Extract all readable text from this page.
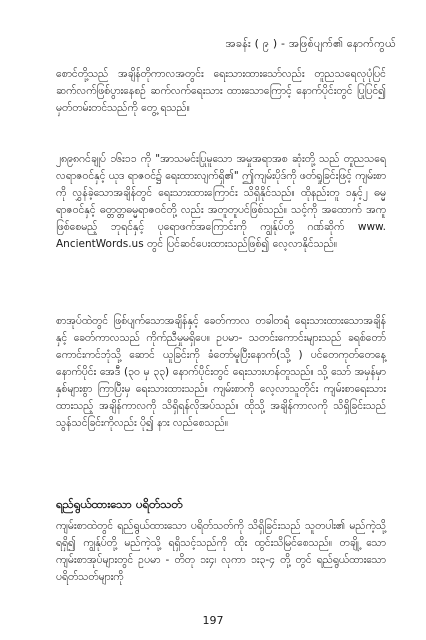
အခန်း ( ၉ ) - အဖြစ်ပျက်၏ နောက်ကွယ်

စောင်တို့သည် အချိန်တိုကာလအတွင်း ရေးသားထားသော်လည်း တူညသရေလုပုံပြင် ဆက်လက်ဖြစ်ပွားနေစဉ် ဆက်လက်ရေးသား ထားသောကြောင့် နောက်ပိုင်းတွင် ပြုပြင်၍ မှတ်တမ်းတင်သည်ကို တွေ့ ရသည်။

၂၈၉၈ဂင်ချုပ် ၁၆း၁၁ ကို "အာသမင်းပြုမူသော အမှုအရာအစ ဆုံးတို့ သည် တူညသရေလရာဇဝင်နှင့် ယုဒ ရာဇဝင်၌ ရေးထားလျက်ရှိ၏" ဤကျမ်းပိုဒ်ကို ဖတ်ရှုခြင်းဖြင့် ကျမ်းစာကို လွှန်ခဲ့သောအချိန်တွင် ရေးသားထားကြောင်း သိရှိနိုင်သည်။ ထိုနည်းတူ ၁နှင့်၂ ဓမ္မရာဇဝင်နှင့် ဓတ္တတ္တဓမ္မရာဇဝင်တို့ လည်း အတူတူပင်ဖြစ်သည်။ သင့်ကို အထောက် အကူဖြစ်စေမည့် ဘုရင်နှင့် ပုရောဖက်အကြောင်းကို ကျွန်ုပ်တို့ ဂဏ်ဆိုက် www. AncientWords.us တွင် ပြင်ဆင်ပေးထားသည်ဖြစ်၍ လေ့လာနိုင်သည်။

စာအုပ်ထဲတွင် ဖြစ်ပျက်သောအချိန်နှင့် ခေတ်ကာလ တခါတရံ ရေးသားထားသောအချိန်နှင့် ခေတ်ကာလသည် ကိုက်ညီမှုမရှိပေ။ ဥပမာ- သတင်းကောင်းများသည် ခရစ်တော်ကောင်းကင်ဘုံသို့ ဆောင် ယူခြင်းကို ခံတော်မူပြီးနောက်(သို့ ) ပင်တေကုတ်တေနေ့နောက်ပိုင်း အေဒီ (၃၀ မှ ၃၃) နောက်ပိုင်းတွင် ရေးသားဟန်တူသည်။ သို့ သော် အမှန်မှာ နှစ်များစွာ ကြာပြီးမှ ရေးသားထားသည်။ ကျမ်းစာကို လေ့လာသူတိုင်း ကျမ်းစာရေးသားထားသည့် အချိန်ကာလကို သိရှိရန်လိုအပ်သည်။ ထိုသို့ အချိန်ကာလကို သိရှိခြင်းသည် သွန်သင်ခြင်းကိုလည်း ပို၍ နား လည်စေသည်။

ရည်ရွယ်ထားသော ပရိတ်သတ်

ကျမ်းစာထဲတွင် ရည်ရွယ်ထားသော ပရိတ်သတ်ကို သိရှိခြင်းသည် သူတပါး၏ မည်ကဲ့သို့ ရရှိ၍ ကျွန်ုပ်တို့ မည်ကဲ့သို့ ရရှိသင့်သည်ကို ထိုး ထွင်းသိမြင်စေသည်။ တချို့ သော ကျမ်းစာအုပ်များတွင် ဥပမာ - တိတု ၁း၄၊ လုကာ ၁း၃-၄ တို့ တွင် ရည်ရွယ်ထားသော ပရိတ်သတ်များကို

197
